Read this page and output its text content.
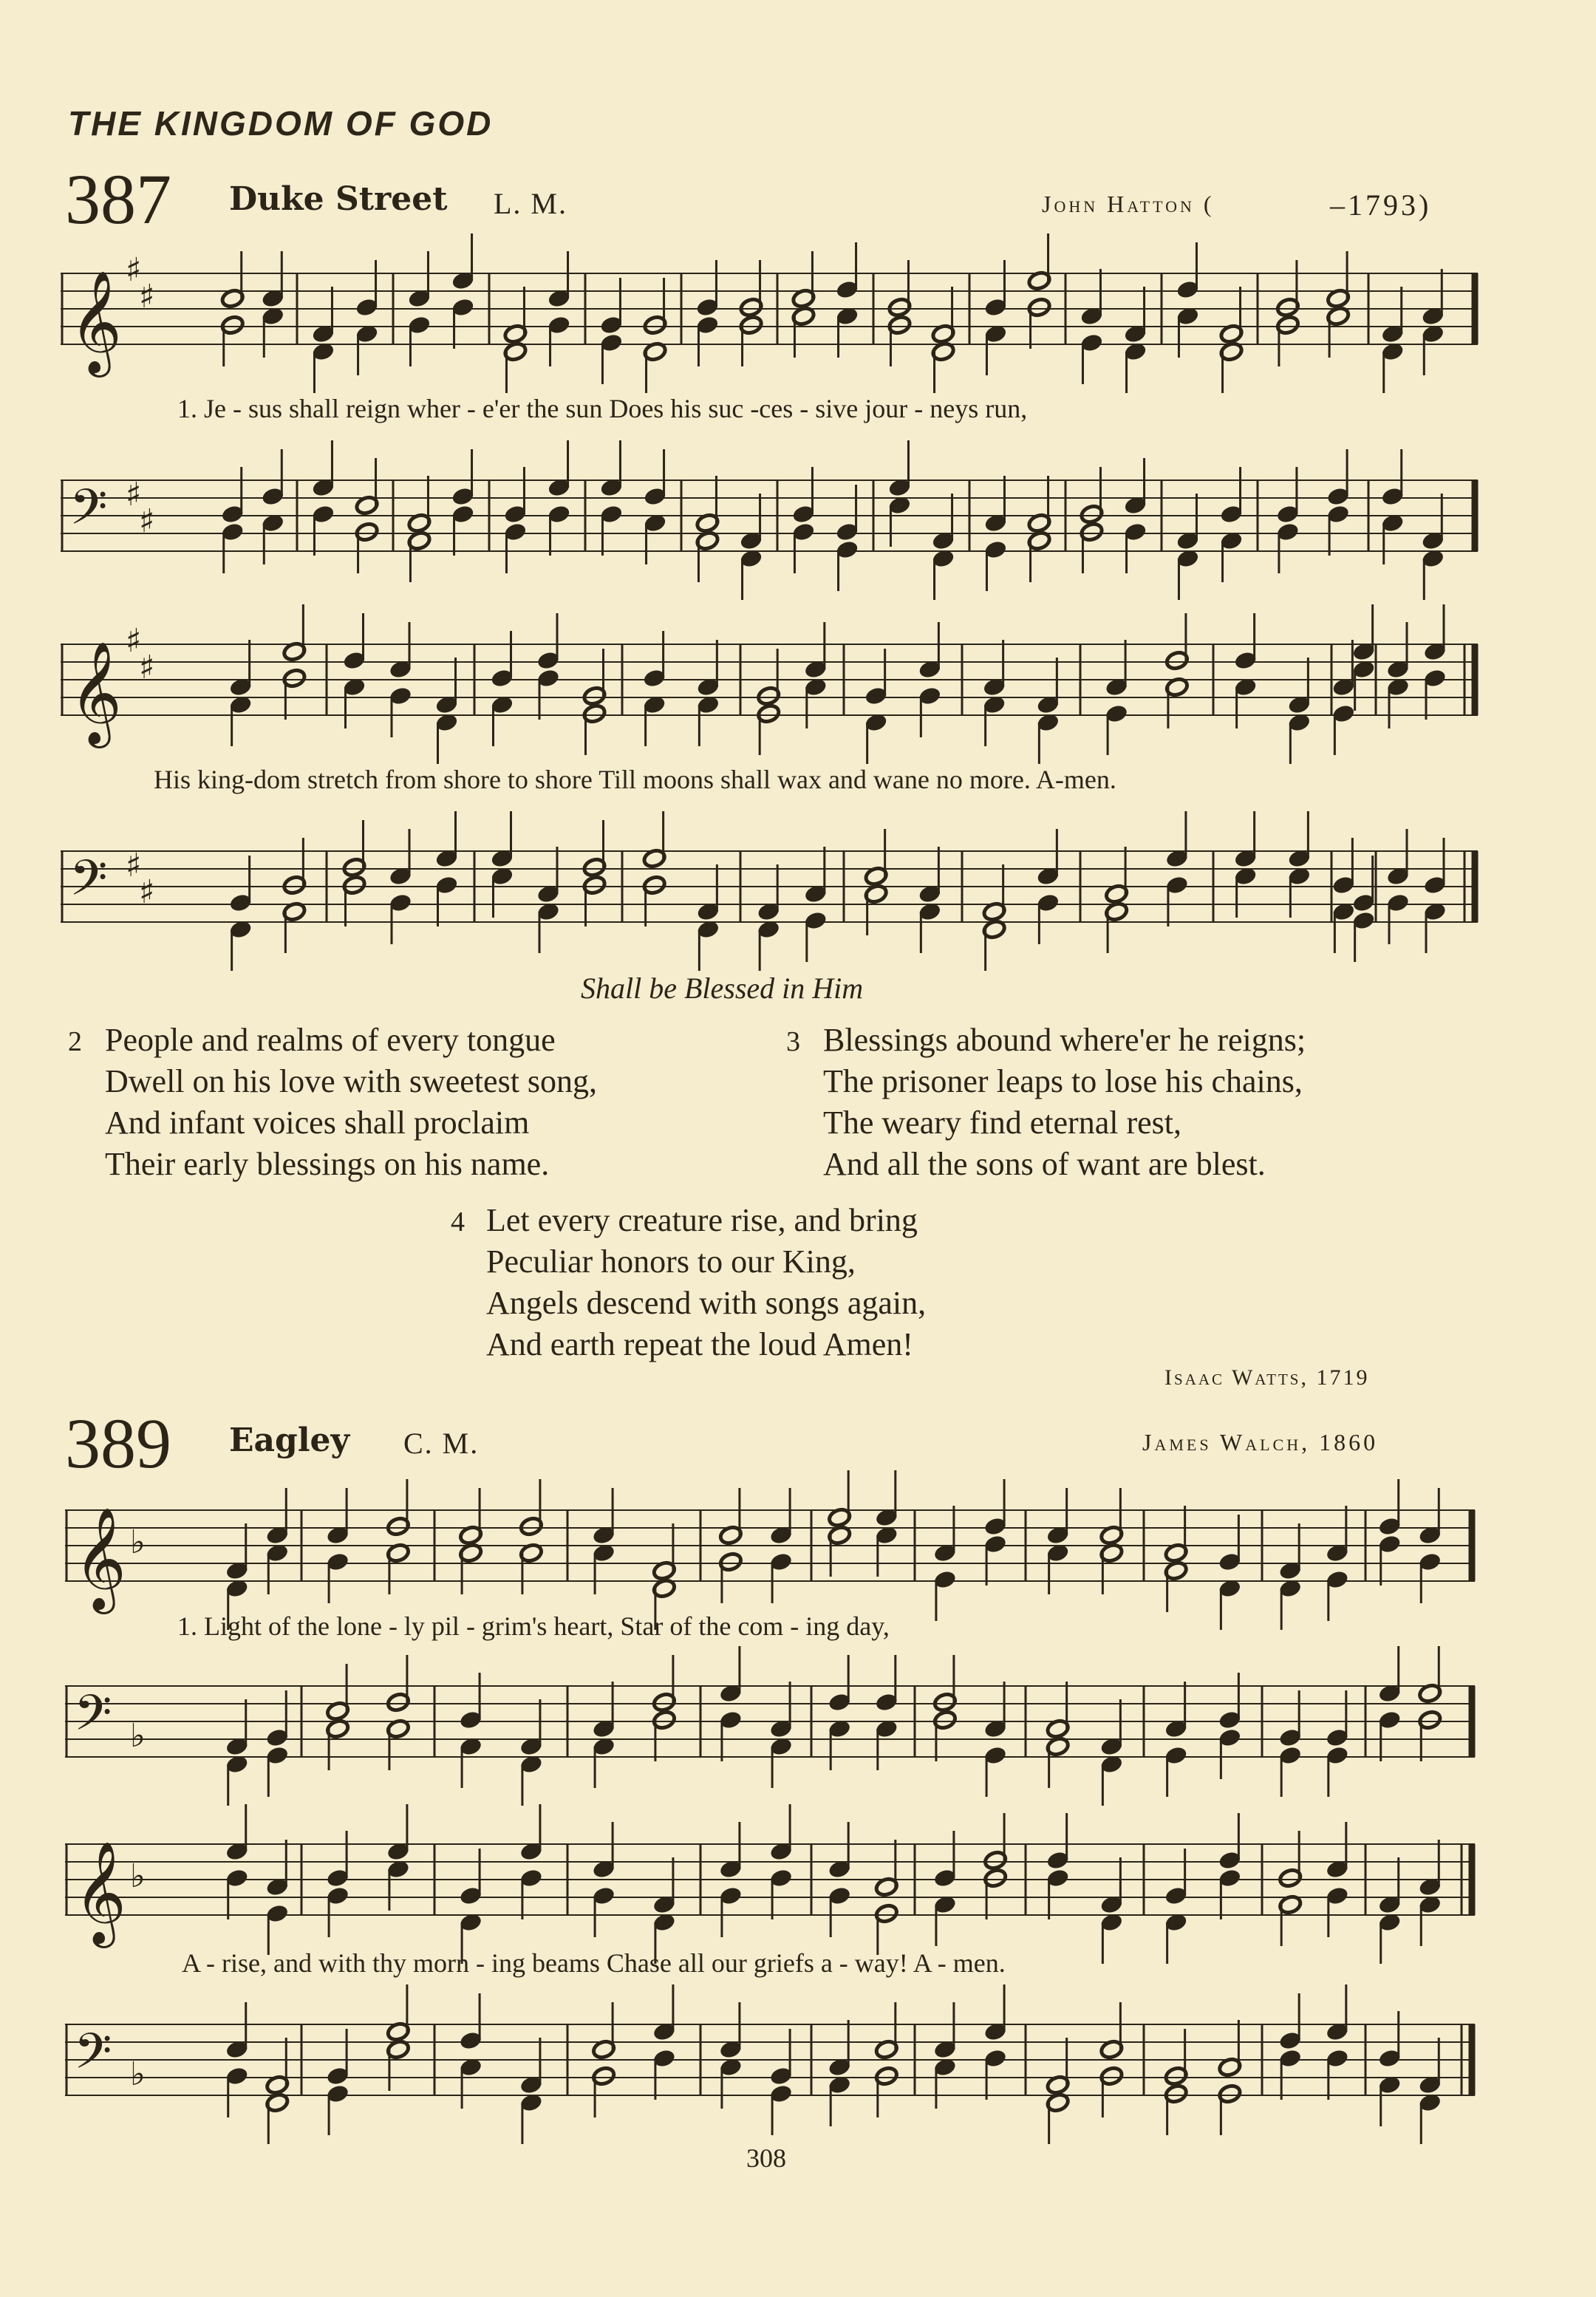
THE KINGDOM OF GOD
387 Duke Street L. M.	John Hatton (	–1793)
𝄞
♯
♯
1. Je - sus shall reign wher - e'er the sun Does his suc -ces - sive jour - neys run,
𝄢 ♯
♯
𝄞
♯
♯
His king-dom stretch from shore to shore Till moons shall wax and wane no more. A-men.
𝄢 ♯
♯
Shall be Blessed in Him
2 People and realms of every tongue
Dwell on his love with sweetest song,
And infant voices shall proclaim
Their early blessings on his name.
3 Blessings abound where'er he reigns;
The prisoner leaps to lose his chains,
The weary find eternal rest,
And all the sons of want are blest.
4 Let every creature rise, and bring
Peculiar honors to our King,
Angels descend with songs again,
And earth repeat the loud Amen!
Isaac Watts, 1719
389 Eagley C. M.	James Walch, 1860
𝄞 ♭
1. Light of the lone - ly pil - grim's heart, Star of the com - ing day,
𝄢 ♭
𝄞 ♭
A - rise, and with thy morn - ing beams Chase all our griefs a - way! A - men.
𝄢 ♭
308
